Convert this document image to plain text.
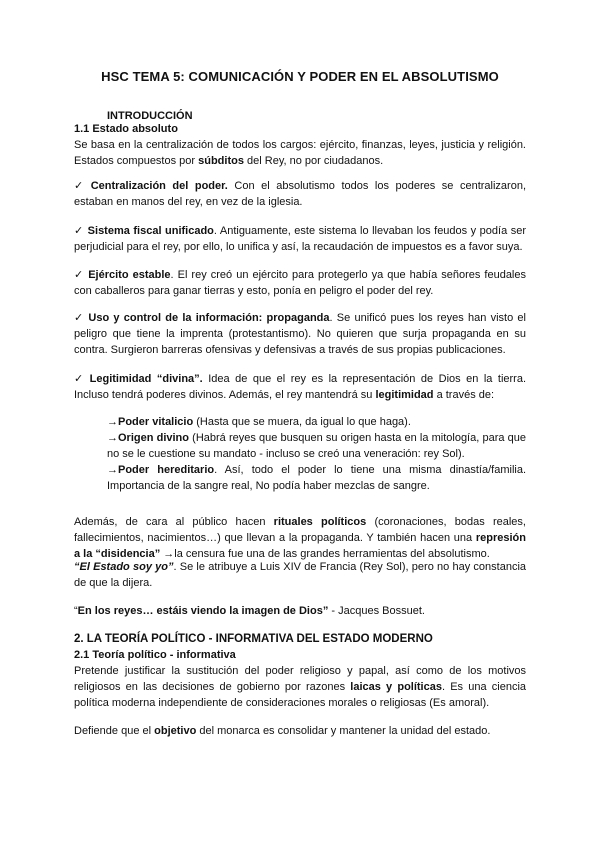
HSC TEMA 5: COMUNICACIÓN Y PODER EN EL ABSOLUTISMO
INTRODUCCIÓN

1.1 Estado absoluto

Se basa en la centralización de todos los cargos: ejército, finanzas, leyes, justicia y religión. Estados compuestos por súbditos del Rey, no por ciudadanos.

✓ Centralización del poder. Con el absolutismo todos los poderes se centralizaron, estaban en manos del rey, en vez de la iglesia.

✓ Sistema fiscal unificado. Antiguamente, este sistema lo llevaban los feudos y podía ser perjudicial para el rey, por ello, lo unifica y así, la recaudación de impuestos es a favor suya.

✓ Ejército estable. El rey creó un ejército para protegerlo ya que había señores feudales con caballeros para ganar tierras y esto, ponía en peligro el poder del rey.

✓ Uso y control de la información: propaganda. Se unificó pues los reyes han visto el peligro que tiene la imprenta (protestantismo). No quieren que surja propaganda en su contra. Surgieron barreras ofensivas y defensivas a través de sus propias publicaciones.

✓ Legitimidad “divina”. Idea de que el rey es la representación de Dios en la tierra. Incluso tendrá poderes divinos. Además, el rey mantendrá su legitimidad a través de:

→Poder vitalicio (Hasta que se muera, da igual lo que haga).

→Origen divino (Habrá reyes que busquen su origen hasta en la mitología, para que no se le cuestione su mandato - incluso se creó una veneración: rey Sol).

→Poder hereditario. Así, todo el poder lo tiene una misma dinastía/familia. Importancia de la sangre real, No podía haber mezclas de sangre.

Además, de cara al público hacen rituales políticos (coronaciones, bodas reales, fallecimientos, nacimientos…) que llevan a la propaganda. Y también hacen una represión a la “disidencia” →la censura fue una de las grandes herramientas del absolutismo.

“El Estado soy yo”. Se le atribuye a Luis XIV de Francia (Rey Sol), pero no hay constancia de que la dijera.

“En los reyes… estáis viendo la imagen de Dios” - Jacques Bossuet.

2. LA TEORÍA POLÍTICO - INFORMATIVA DEL ESTADO MODERNO

2.1 Teoría político - informativa

Pretende justificar la sustitución del poder religioso y papal, así como de los motivos religiosos en las decisiones de gobierno por razones laicas y políticas. Es una ciencia política moderna independiente de consideraciones morales o religiosas (Es amoral).

Defiende que el objetivo del monarca es consolidar y mantener la unidad del estado.
